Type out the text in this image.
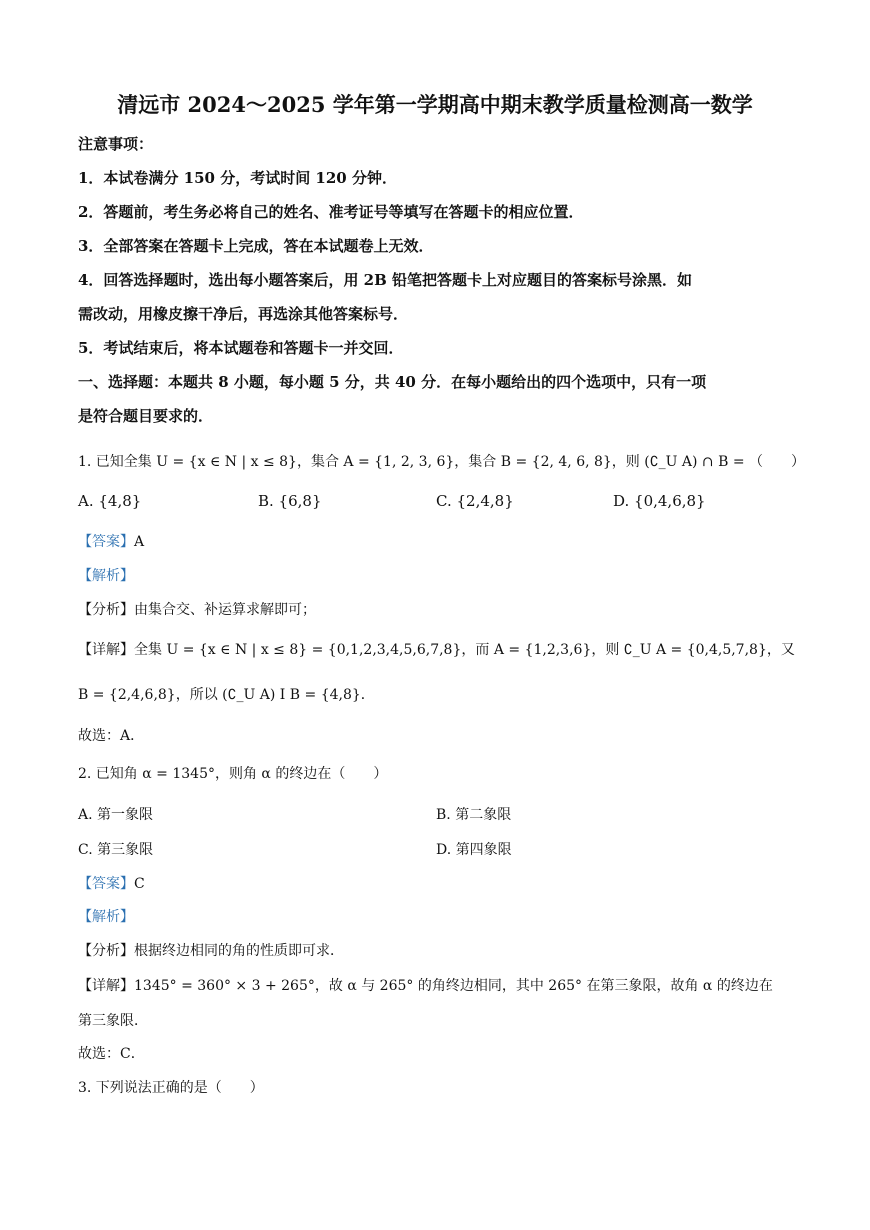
清远市 2024～2025 学年第一学期高中期末教学质量检测高一数学
注意事项：
1．本试卷满分 150 分，考试时间 120 分钟．
2．答题前，考生务必将自己的姓名、准考证号等填写在答题卡的相应位置．
3．全部答案在答题卡上完成，答在本试题卷上无效．
4．回答选择题时，选出每小题答案后，用 2B 铅笔把答题卡上对应题目的答案标号涂黑．如
需改动，用橡皮擦干净后，再选涂其他答案标号．
5．考试结束后，将本试题卷和答题卡一并交回．
一、选择题：本题共 8 小题，每小题 5 分，共 40 分．在每小题给出的四个选项中，只有一项
是符合题目要求的．
1. 已知全集 U = {x ∈ N | x ≤ 8}，集合 A = {1, 2, 3, 6}，集合 B = {2, 4, 6, 8}，则 (∁_U A) ∩ B = （　　）
A. {4,8}	B. {6,8}	C. {2,4,8}	D. {0,4,6,8}
【答案】A
【解析】
【分析】由集合交、补运算求解即可；
【详解】全集 U = {x ∈ N | x ≤ 8} = {0,1,2,3,4,5,6,7,8}，而 A = {1,2,3,6}，则 ∁_U A = {0,4,5,7,8}，又
B = {2,4,6,8}，所以 (∁_U A) Ⅰ B = {4,8}．
故选：A．
2. 已知角 α = 1345°，则角 α 的终边在（　　）
A. 第一象限	B. 第二象限
C. 第三象限	D. 第四象限
【答案】C
【解析】
【分析】根据终边相同的角的性质即可求．
【详解】1345° = 360° × 3 + 265°，故 α 与 265° 的角终边相同，其中 265° 在第三象限，故角 α 的终边在
第三象限．
故选：C．
3. 下列说法正确的是（　　）
